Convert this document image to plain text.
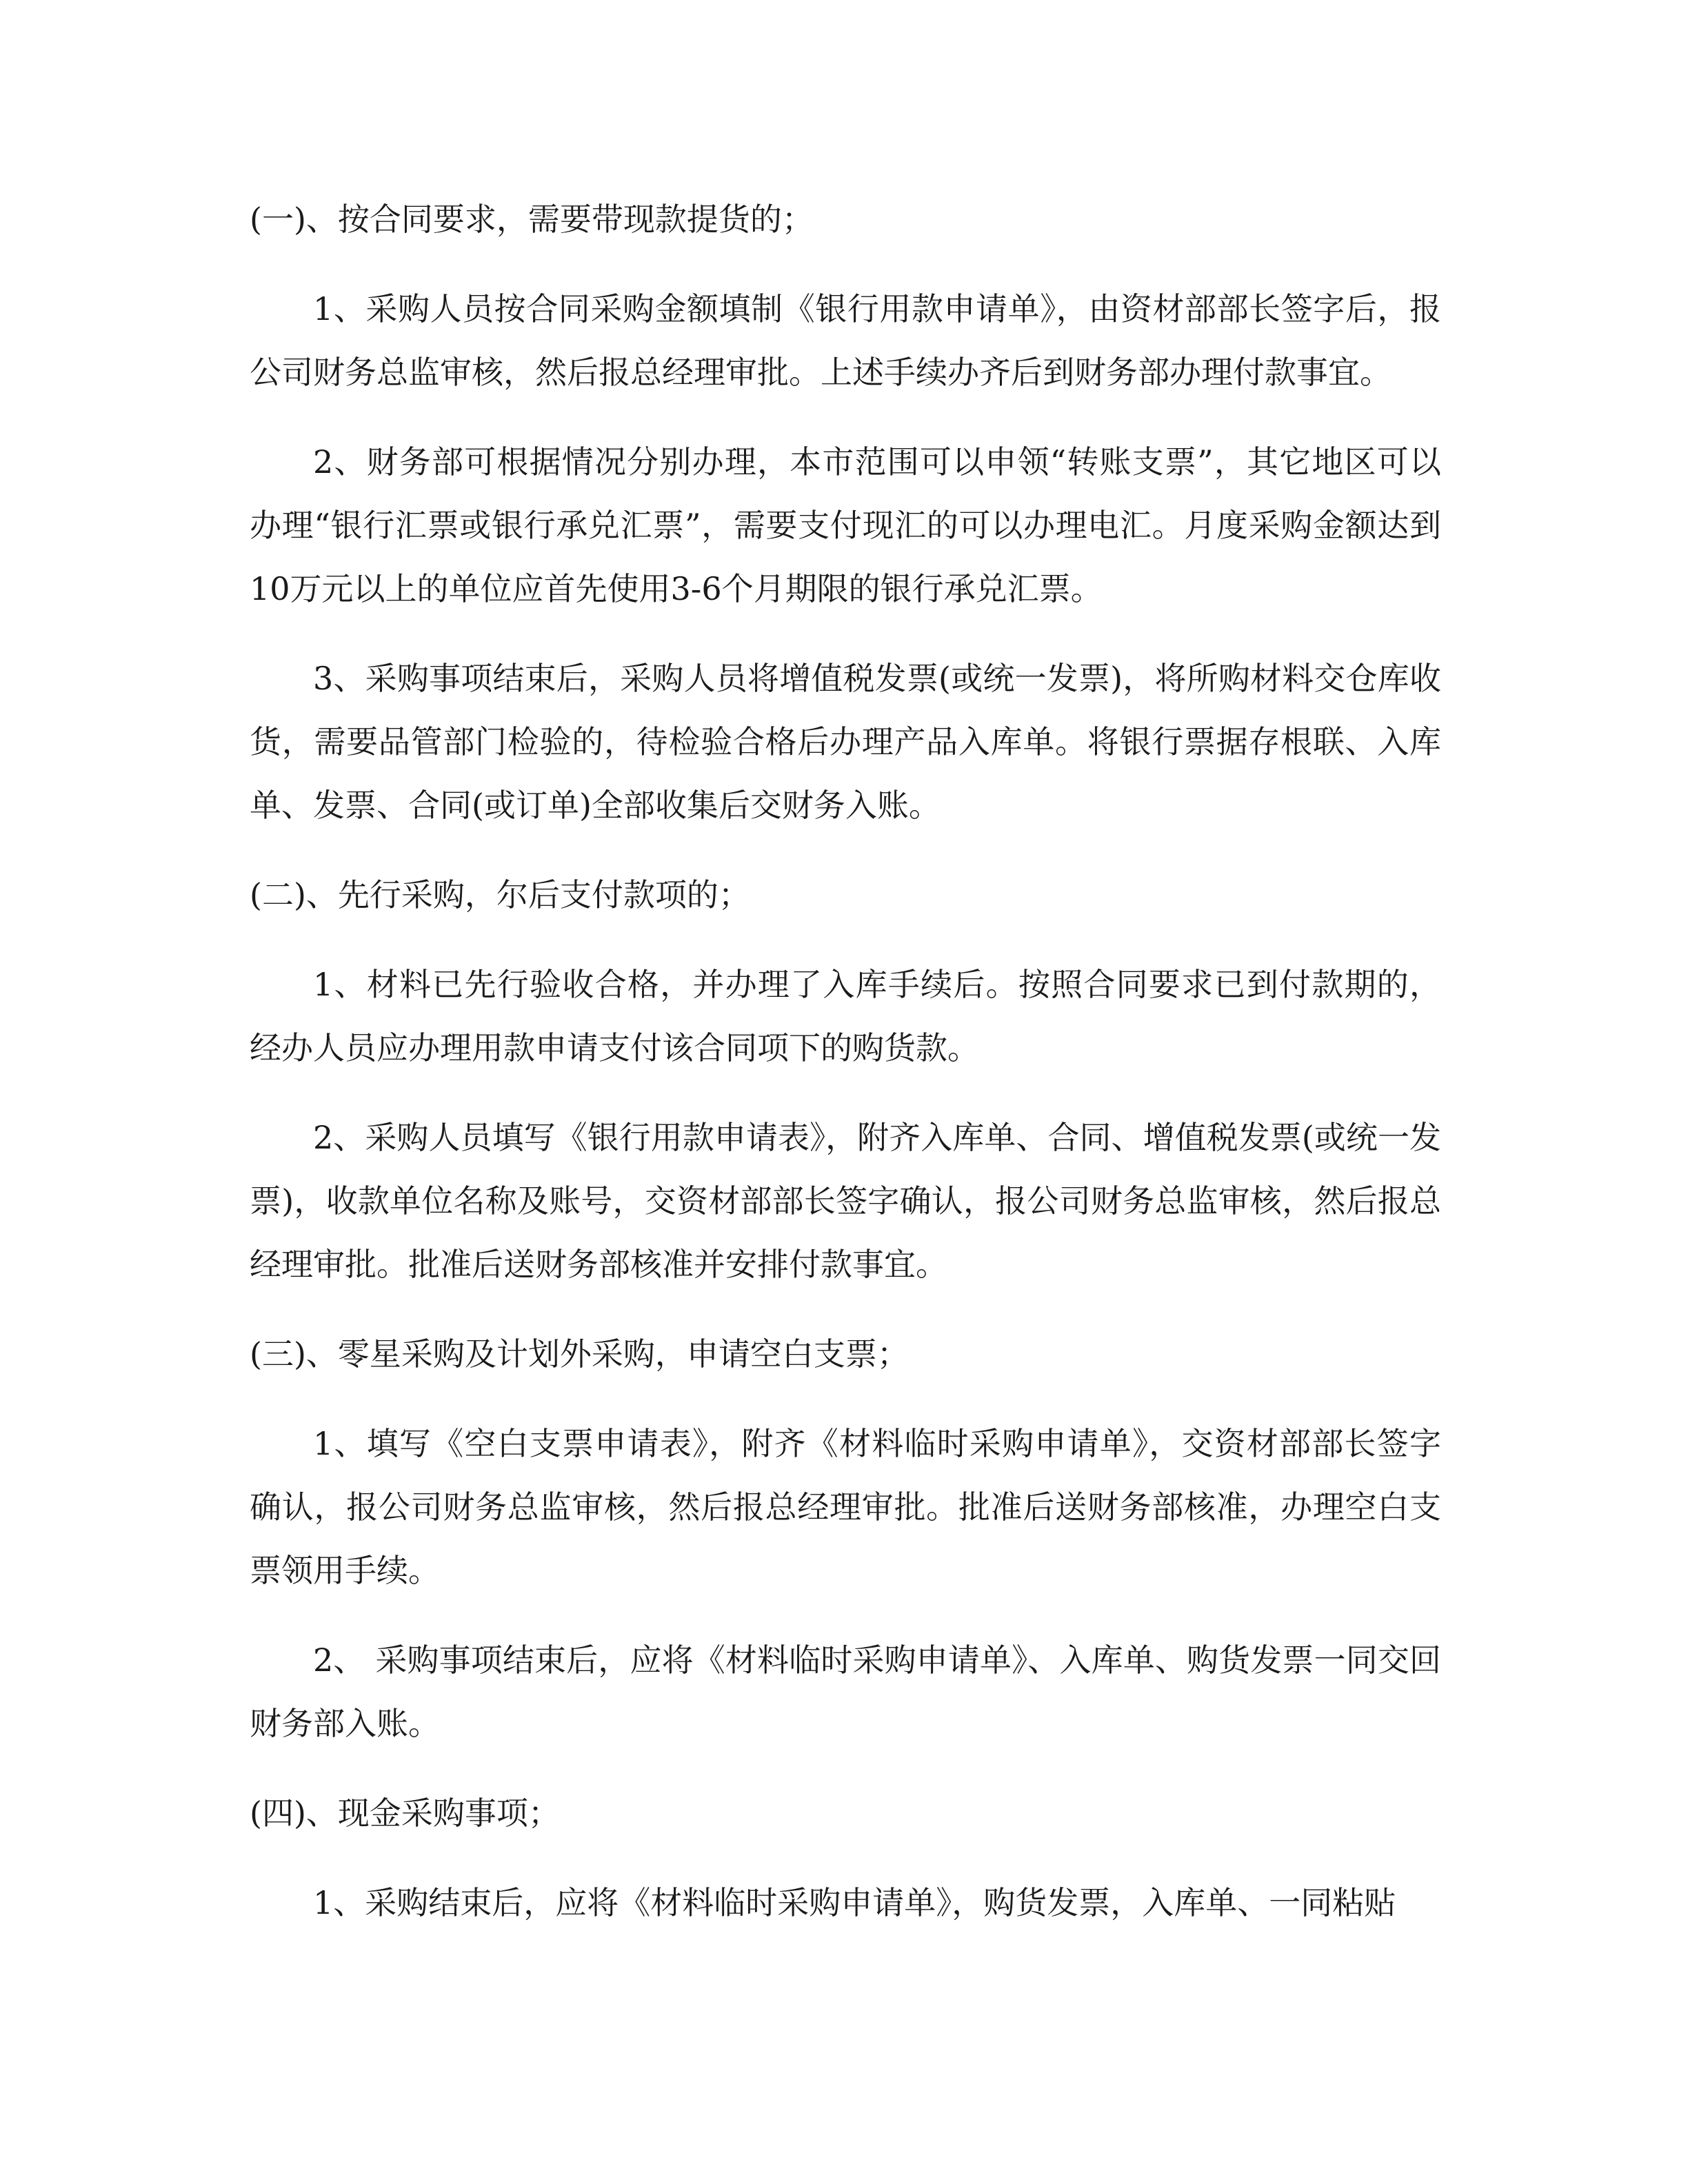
(一)、按合同要求，需要带现款提货的；

1、采购人员按合同采购金额填制《银行用款申请单》，由资材部部长签字后，报公司财务总监审核，然后报总经理审批。上述手续办齐后到财务部办理付款事宜。

2、财务部可根据情况分别办理，本市范围可以申领“转账支票”，其它地区可以办理“银行汇票或银行承兑汇票”，需要支付现汇的可以办理电汇。月度采购金额达到10万元以上的单位应首先使用3-6个月期限的银行承兑汇票。

3、采购事项结束后，采购人员将增值税发票(或统一发票)，将所购材料交仓库收货，需要品管部门检验的，待检验合格后办理产品入库单。将银行票据存根联、入库单、发票、合同(或订单)全部收集后交财务入账。

(二)、先行采购，尔后支付款项的；

1、材料已先行验收合格，并办理了入库手续后。按照合同要求已到付款期的，经办人员应办理用款申请支付该合同项下的购货款。

2、采购人员填写《银行用款申请表》，附齐入库单、合同、增值税发票(或统一发票)，收款单位名称及账号，交资材部部长签字确认，报公司财务总监审核，然后报总经理审批。批准后送财务部核准并安排付款事宜。

(三)、零星采购及计划外采购，申请空白支票；

1、填写《空白支票申请表》，附齐《材料临时采购申请单》，交资材部部长签字确认，报公司财务总监审核，然后报总经理审批。批准后送财务部核准，办理空白支票领用手续。

2、 采购事项结束后，应将《材料临时采购申请单》、入库单、购货发票一同交回财务部入账。

(四)、现金采购事项；

1、采购结束后，应将《材料临时采购申请单》，购货发票，入库单、一同粘贴
